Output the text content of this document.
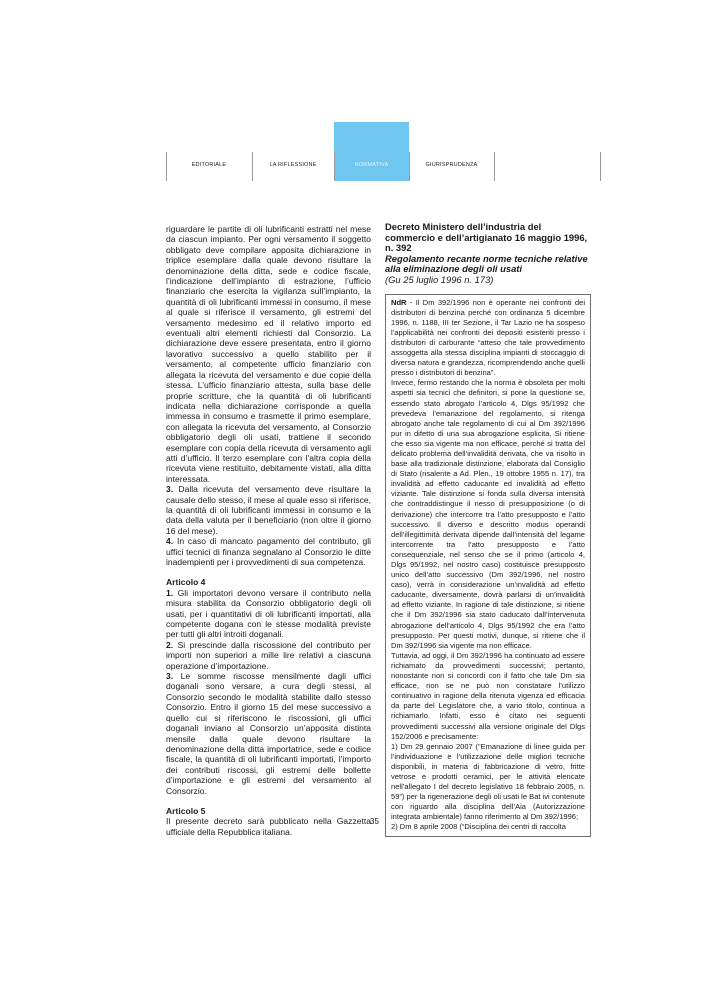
EDITORIALE	LA RIFLESSIONE	NORMATIVA	GIURISPRUDENZA

riguardare le partite di oli lubrificanti estratti nel mese da ciascun impianto. Per ogni versamento il soggetto obbligato deve compilare apposita dichiarazione in triplice esemplare dalla quale devono risultare la denominazione della ditta, sede e codice fiscale, l’indicazione dell’impianto di estrazione, l’ufficio finanziario che esercita la vigilanza sull’impianto, la quantità di oli lubrificanti immessi in consumo, il mese al quale si riferisce il versamento, gli estremi del versamento medesimo ed il relativo importo ed eventuali altri elementi richiesti dal Consorzio. La dichiarazione deve essere presentata, entro il giorno lavorativo successivo a quello stabilito per il versamento, al competente ufficio finanziario con allegata la ricevuta del versamento e due copie della stessa. L’ufficio finanziario attesta, sulla base delle proprie scritture, che la quantità di oli lubrificanti indicata nella dichiarazione corrisponde a quella immessa in consumo e trasmette il primo esemplare, con allegata la ricevuta del versamento, al Consorzio obbligatorio degli oli usati, trattiene il secondo esemplare con copia della ricevuta di versamento agli atti d’ufficio. Il terzo esemplare con l’altra copia della ricevuta viene restituito, debitamente vistati, alla ditta interessata.

3. Dalla ricevuta del versamento deve risultare la causale dello stesso, il mese al quale esso si riferisce, la quantità di oli lubrificanti immessi in consumo e la data della valuta per il beneficiario (non oltre il giorno 16 del mese).

4. In caso di mancato pagamento del contributo, gli uffici tecnici di finanza segnalano al Consorzio le ditte inadempienti per i provvedimenti di sua competenza.

Articolo 4

1. Gli importatori devono versare il contributo nella misura stabilita da Consorzio obbligatorio degli oli usati, per i quantitativi di oli lubrificanti importati, alla competente dogana con le stesse modalità previste per tutti gli altri introiti doganali.

2. Si prescinde dalla riscossione del contributo per importi non superiori a mille lire relativi a ciascuna operazione d’importazione.

3. Le somme riscosse mensilmente dagli uffici doganali sono versare, a cura degli stessi, al Consorzio secondo le modalità stabilite dallo stesso Consorzio. Entro il giorno 15 del mese successivo a quello cui si riferiscono le riscossioni, gli uffici doganali inviano al Consorzio un’apposita distinta mensile dalla quale devono risultare la denominazione della ditta importatrice, sede e codice fiscale, la quantità di oli lubrificanti importati, l’importo dei contributi riscossi, gli estremi delle bollette d’importazione e gli estremi del versamento al Consorzio.

Articolo 5

Il presente decreto sarà pubblicato nella Gazzetta ufficiale della Repubblica italiana.

Decreto Ministero dell’industria del commercio e dell’artigianato 16 maggio 1996, n. 392

Regolamento recante norme tecniche relative alla eliminazione degli oli usati

(Gu 25 luglio 1996 n. 173)

NdR - Il Dm 392/1996 non è operante nei confronti dei distributori di benzina perché con ordinanza 5 dicembre 1996, n. 1188, III ter Sezione, il Tar Lazio ne ha sospeso l’applicabilità nei confronti dei depositi esistenti presso i distributori di carburante “atteso che tale provvedimento assoggetta alla stessa disciplina impianti di stoccaggio di diversa natura e grandezza, ricomprendendo anche quelli presso i distributori di benzina”.

Invece, fermo restando che la norma è obsoleta per molti aspetti sia tecnici che definitori, si pone la questione se, essendo stato abrogato l’articolo 4, Dlgs 95/1992 che prevedeva l’emanazione del regolamento, si ritenga abrogato anche tale regolamento di cui al Dm 392/1996 pur in difetto di una sua abrogazione esplicita. Si ritiene che esso sia vigente ma non efficace, perché si tratta del delicato problema dell’invalidità derivata, che va risolto in base alla tradizionale distinzione, elaborata dal Consiglio di Stato (risalente a Ad. Plen., 19 ottobre 1955 n. 17), tra invalidità ad effetto caducante ed invalidità ad effetto viziante. Tale distinzione si fonda sulla diversa intensità che contraddistingue il nesso di presupposizione (o di derivazione) che intercorre tra l’atto presupposto e l’atto successivo. Il diverso e descritto modus operandi dell’illegittimità derivata dipende dall’intensità del legame intercorrente tra l’atto presupposto e l’atto consequenziale, nel senso che se il primo (articolo 4, Dlgs 95/1992, nel nostro caso) costituisce presupposto unico dell’atto successivo (Dm 392/1996, nel nostro caso), verrà in considerazione un’invalidità ad effetto caducante, diversamente, dovrà parlarsi di un’invalidità ad effetto viziante. In ragione di tale distinzione, si ritiene che il Dm 392/1996 sia stato caducato dall’intervenuta abrogazione dell’articolo 4, Dlgs 95/1992 che era l’atto presupposto. Per questi motivi, dunque, si ritiene che il Dm 392/1996 sia vigente ma non efficace.

Tuttavia, ad oggi, il Dm 392/1996 ha continuato ad essere richiamato da provvedimenti successivi; pertanto, nonostante non si concordi con il fatto che tale Dm sia efficace, non se ne può non constatare l’utilizzo continuativo in ragione della ritenuta vigenza ed efficacia da parte del Legislatore che, a vario titolo, continua a richiamarlo. Infatti, esso è citato nei seguenti provvedimenti successivi alla versione originale del Dlgs 152/2006 e precisamente:

1) Dm 29 gennaio 2007 (“Emanazione di linee guida per l’individuazione e l’utilizzazione delle migliori tecniche disponibili, in materia di fabbricazione di vetro, fritte vetrose e prodotti ceramici, per le attività elencate nell’allegato I del decreto legislativo 18 febbraio 2005, n. 59”) per la rigenerazione degli oli usati le Bat ivi contenute con riguardo alla disciplina dell’Aia (Autorizzazione integrata ambientale) fanno riferimento al Dm 392/1996;

2) Dm 8 aprile 2008 (“Disciplina dei centri di raccolta

35
